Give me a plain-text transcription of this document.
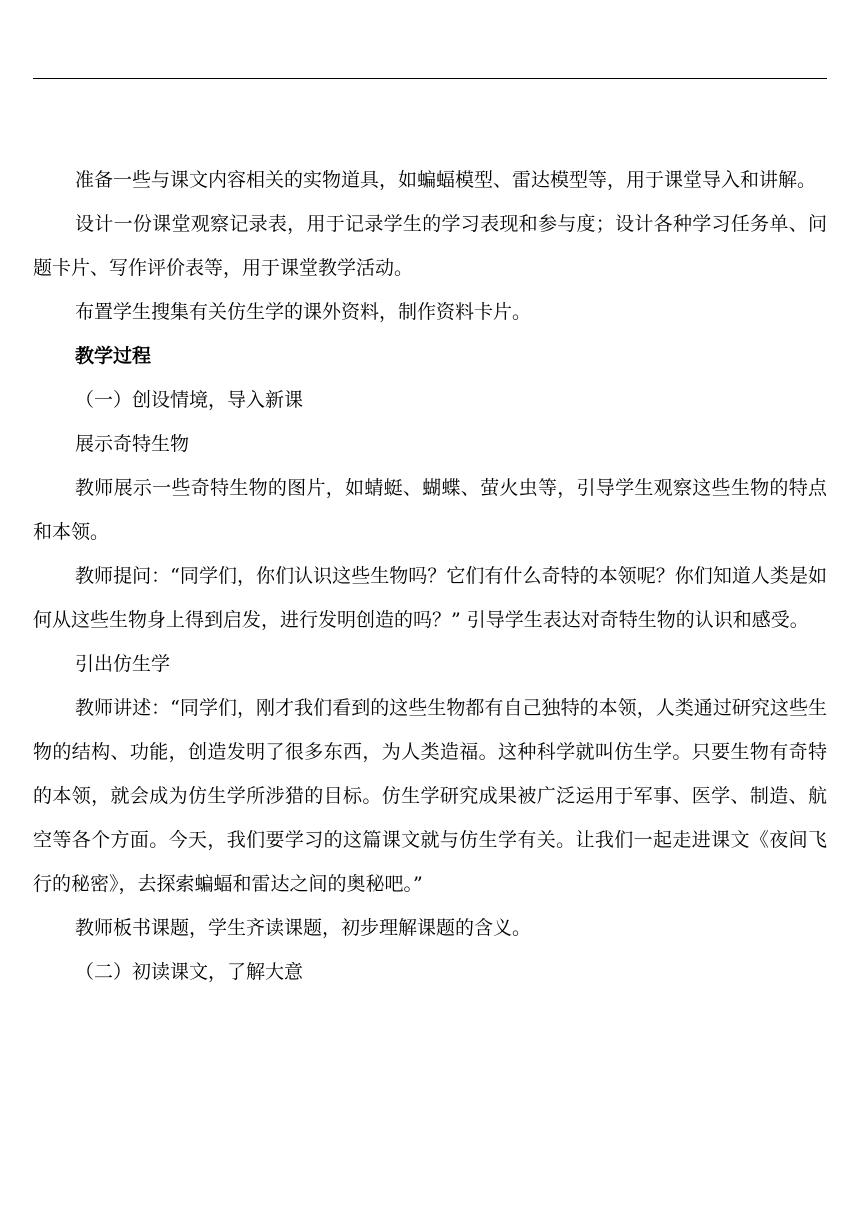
准备一些与课文内容相关的实物道具，如蝙蝠模型、雷达模型等，用于课堂导入和讲解。

设计一份课堂观察记录表，用于记录学生的学习表现和参与度；设计各种学习任务单、问题卡片、写作评价表等，用于课堂教学活动。

布置学生搜集有关仿生学的课外资料，制作资料卡片。

教学过程

（一）创设情境，导入新课

展示奇特生物

教师展示一些奇特生物的图片，如蜻蜓、蝴蝶、萤火虫等，引导学生观察这些生物的特点和本领。

教师提问：“同学们，你们认识这些生物吗？它们有什么奇特的本领呢？你们知道人类是如何从这些生物身上得到启发，进行发明创造的吗？” 引导学生表达对奇特生物的认识和感受。

引出仿生学

教师讲述：“同学们，刚才我们看到的这些生物都有自己独特的本领，人类通过研究这些生物的结构、功能，创造发明了很多东西，为人类造福。这种科学就叫仿生学。只要生物有奇特的本领，就会成为仿生学所涉猎的目标。仿生学研究成果被广泛运用于军事、医学、制造、航空等各个方面。今天，我们要学习的这篇课文就与仿生学有关。让我们一起走进课文《夜间飞行的秘密》，去探索蝙蝠和雷达之间的奥秘吧。”

教师板书课题，学生齐读课题，初步理解课题的含义。

（二）初读课文，了解大意
